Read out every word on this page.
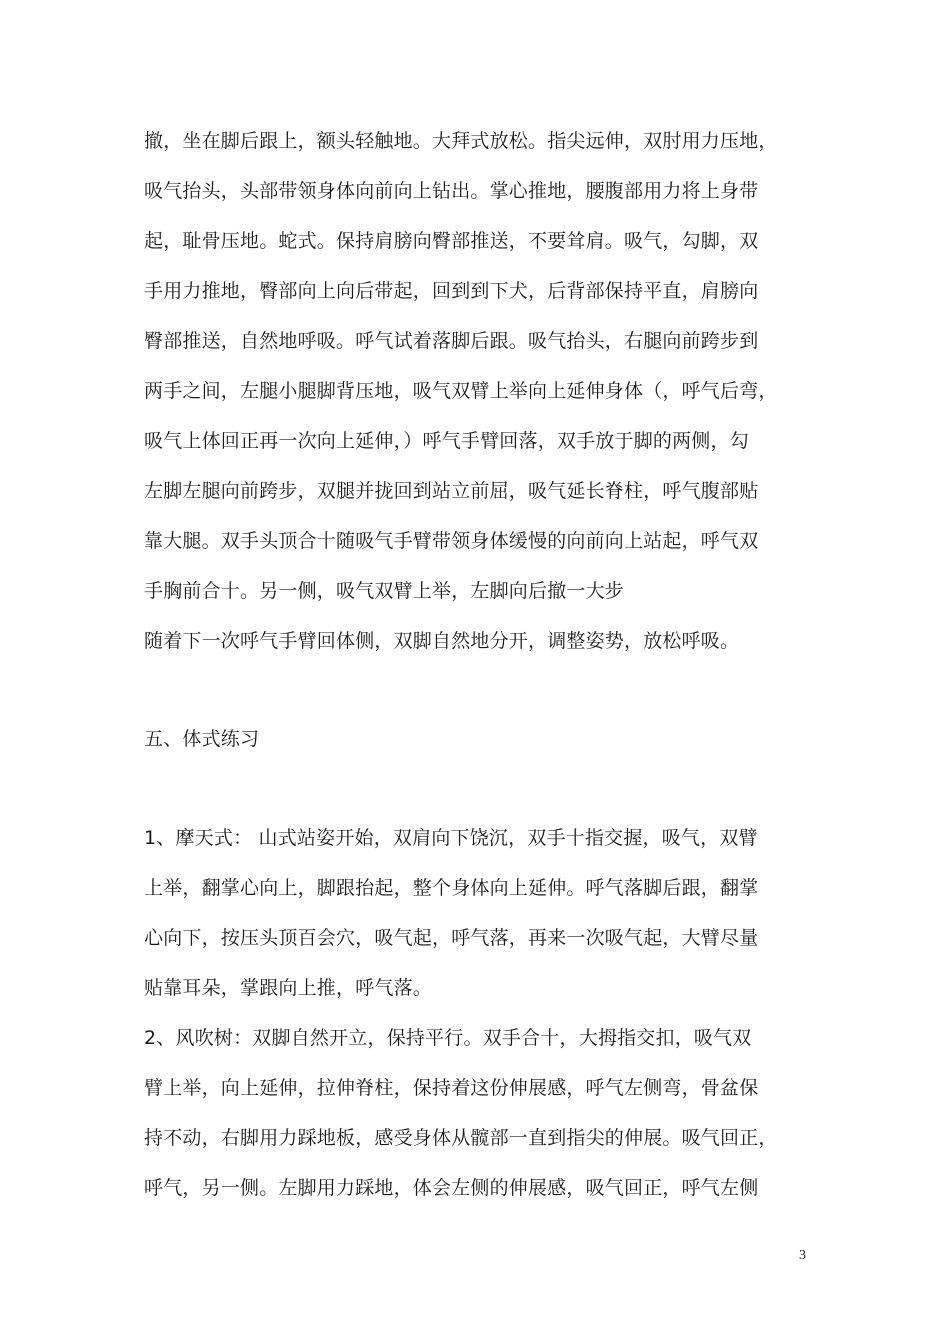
撤，坐在脚后跟上，额头轻触地。大拜式放松。指尖远伸，双肘用力压地，
吸气抬头，头部带领身体向前向上钻出。掌心推地，腰腹部用力将上身带
起，耻骨压地。蛇式。保持肩膀向臀部推送，不要耸肩。吸气，勾脚，双
手用力推地，臀部向上向后带起，回到到下犬，后背部保持平直，肩膀向
臀部推送，自然地呼吸。呼气试着落脚后跟。吸气抬头，右腿向前跨步到
两手之间，左腿小腿脚背压地，吸气双臂上举向上延伸身体（，呼气后弯，
吸气上体回正再一次向上延伸，）呼气手臂回落，双手放于脚的两侧，勾
左脚左腿向前跨步，双腿并拢回到站立前屈，吸气延长脊柱，呼气腹部贴
靠大腿。双手头顶合十随吸气手臂带领身体缓慢的向前向上站起，呼气双
手胸前合十。另一侧，吸气双臂上举，左脚向后撤一大步
随着下一次呼气手臂回体侧，双脚自然地分开，调整姿势，放松呼吸。
五、体式练习
1、摩天式： 山式站姿开始，双肩向下饶沉，双手十指交握，吸气，双臂
上举，翻掌心向上，脚跟抬起，整个身体向上延伸。呼气落脚后跟，翻掌
心向下，按压头顶百会穴，吸气起，呼气落，再来一次吸气起，大臂尽量
贴靠耳朵，掌跟向上推，呼气落。
2、风吹树：双脚自然开立，保持平行。双手合十，大拇指交扣，吸气双
臂上举，向上延伸，拉伸脊柱，保持着这份伸展感，呼气左侧弯，骨盆保
持不动，右脚用力踩地板，感受身体从髋部一直到指尖的伸展。吸气回正，
呼气，另一侧。左脚用力踩地，体会左侧的伸展感，吸气回正，呼气左侧
3
